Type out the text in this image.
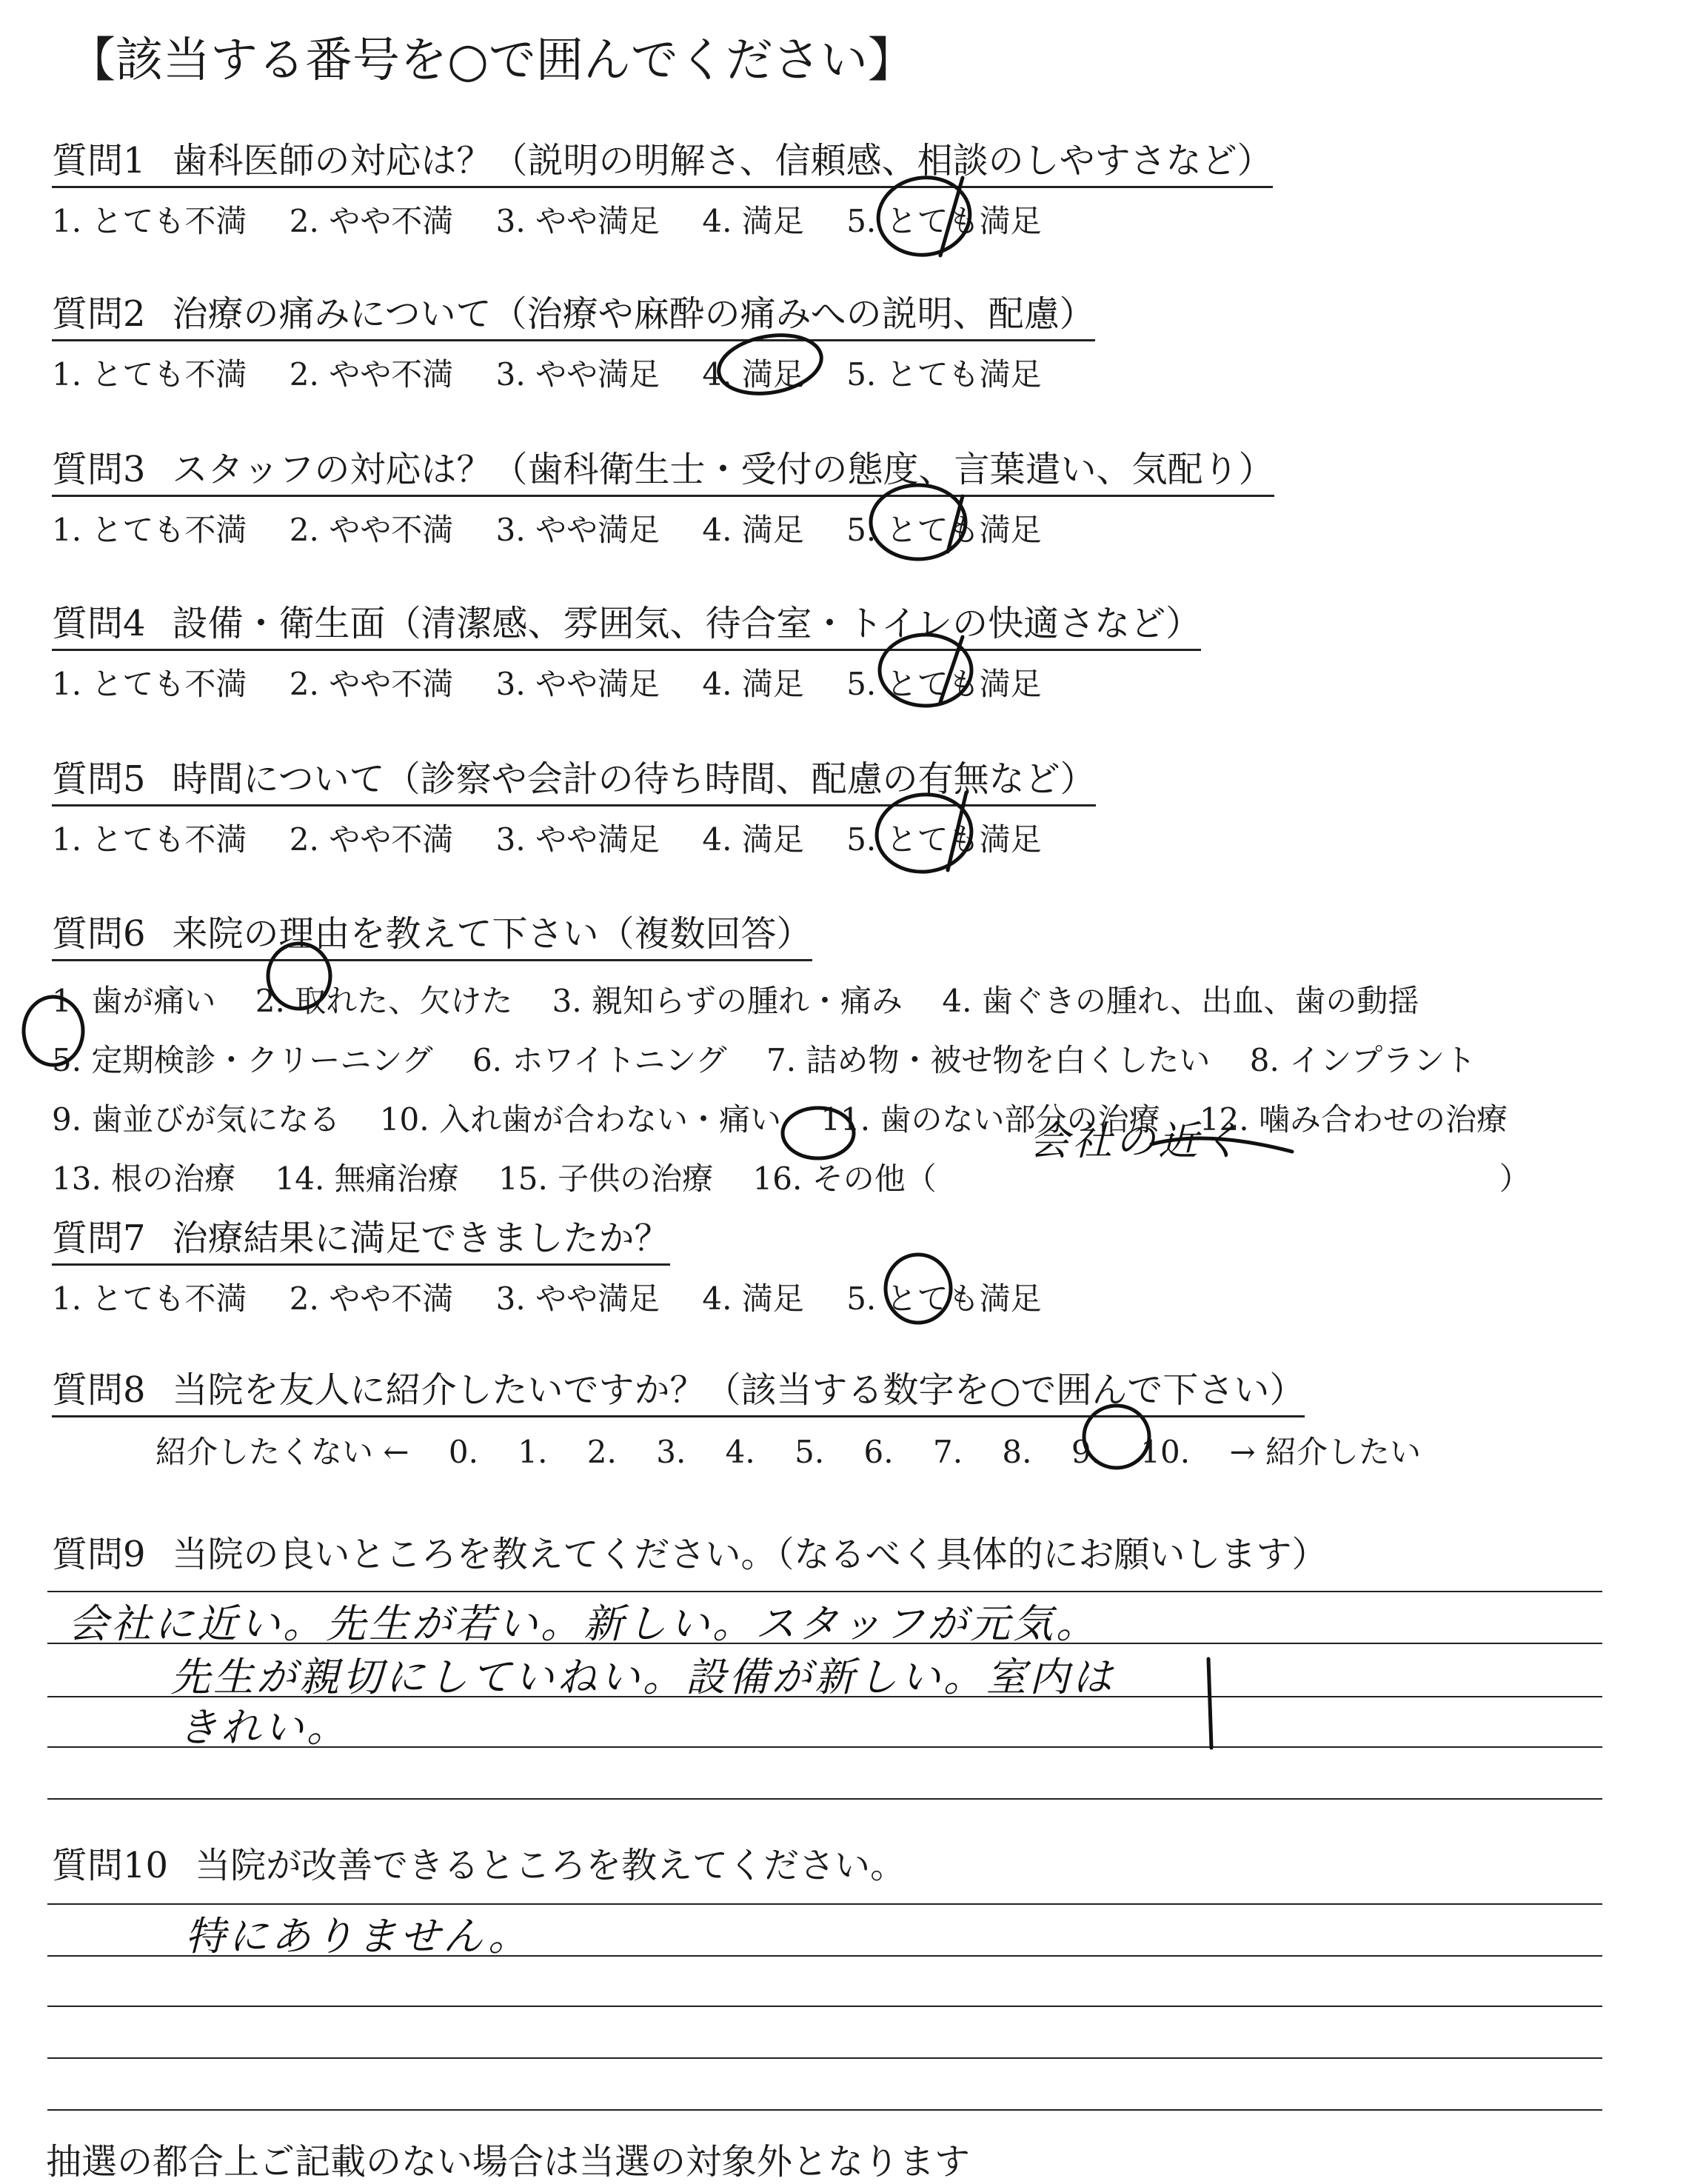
【該当する番号を○で囲んでください】
質問1 歯科医師の対応は？（説明の明解さ、信頼感、相談のしやすさなど）
1. とても不満 2. やや不満 3. やや満足 4. 満足 5. とても満足
質問2 治療の痛みについて（治療や麻酔の痛みへの説明、配慮）
1. とても不満 2. やや不満 3. やや満足 4. 満足 5. とても満足
質問3 スタッフの対応は？（歯科衛生士・受付の態度、言葉遣い、気配り）
1. とても不満 2. やや不満 3. やや満足 4. 満足 5. とても満足
質問4 設備・衛生面（清潔感、雰囲気、待合室・トイレの快適さなど）
1. とても不満 2. やや不満 3. やや満足 4. 満足 5. とても満足
質問5 時間について（診察や会計の待ち時間、配慮の有無など）
1. とても不満 2. やや不満 3. やや満足 4. 満足 5. とても満足
質問6 来院の理由を教えて下さい（複数回答）
1. 歯が痛い 2. 取れた、欠けた 3. 親知らずの腫れ・痛み 4. 歯ぐきの腫れ、出血、歯の動揺
5. 定期検診・クリーニング 6. ホワイトニング 7. 詰め物・被せ物を白くしたい 8. インプラント
9. 歯並びが気になる 10. 入れ歯が合わない・痛い 11. 歯のない部分の治療 12. 噛み合わせの治療
13. 根の治療 14. 無痛治療 15. 子供の治療 16. その他（	）
会社の近く
質問7 治療結果に満足できましたか？
1. とても不満 2. やや不満 3. やや満足 4. 満足 5. とても満足
質問8 当院を友人に紹介したいですか？（該当する数字を○で囲んで下さい）
紹介したくない ← 0. 1. 2. 3. 4. 5. 6. 7. 8. 9. 10. → 紹介したい
質問9 当院の良いところを教えてください。（なるべく具体的にお願いします）
会社に近い。先生が若い。新しい。スタッフが元気。
先生が親切にしていねい。設備が新しい。室内は
きれい。
質問10 当院が改善できるところを教えてください。
特にありません。
抽選の都合上ご記載のない場合は当選の対象外となります
